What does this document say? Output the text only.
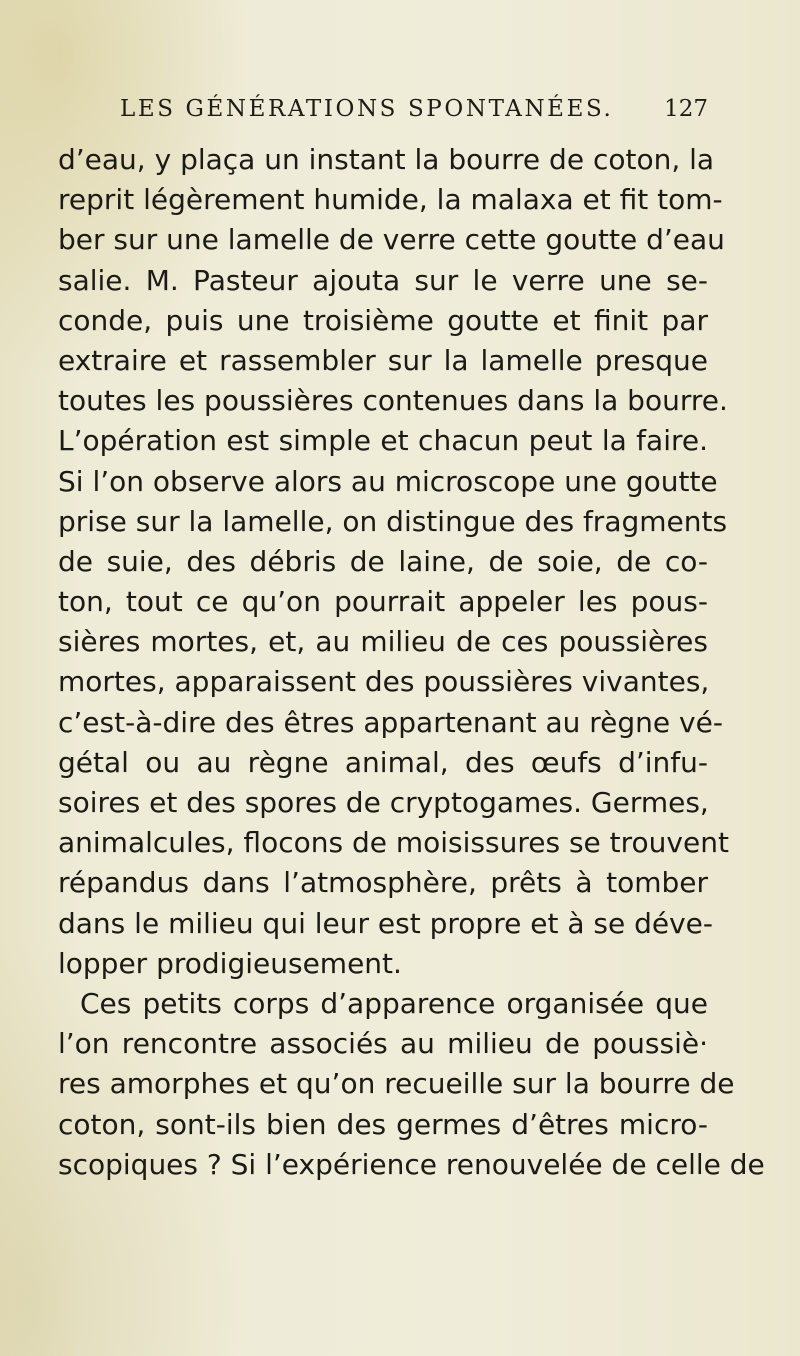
LES GÉNÉRATIONS SPONTANÉES. 127
d’eau, y plaça un instant la bourre de coton, la
reprit légèrement humide, la malaxa et fit tom-
ber sur une lamelle de verre cette goutte d’eau
salie. M. Pasteur ajouta sur le verre une se-
conde, puis une troisième goutte et finit par
extraire et rassembler sur la lamelle presque
toutes les poussières contenues dans la bourre.
L’opération est simple et chacun peut la faire.
Si l’on observe alors au microscope une goutte
prise sur la lamelle, on distingue des fragments
de suie, des débris de laine, de soie, de co-
ton, tout ce qu’on pourrait appeler les pous-
sières mortes, et, au milieu de ces poussières
mortes, apparaissent des poussières vivantes,
c’est-à-dire des êtres appartenant au règne vé-
gétal ou au règne animal, des œufs d’infu-
soires et des spores de cryptogames. Germes,
animalcules, flocons de moisissures se trouvent
répandus dans l’atmosphère, prêts à tomber
dans le milieu qui leur est propre et à se déve-
lopper prodigieusement.
Ces petits corps d’apparence organisée que
l’on rencontre associés au milieu de poussiè·
res amorphes et qu’on recueille sur la bourre de
coton, sont-ils bien des germes d’êtres micro-
scopiques ? Si l’expérience renouvelée de celle de
